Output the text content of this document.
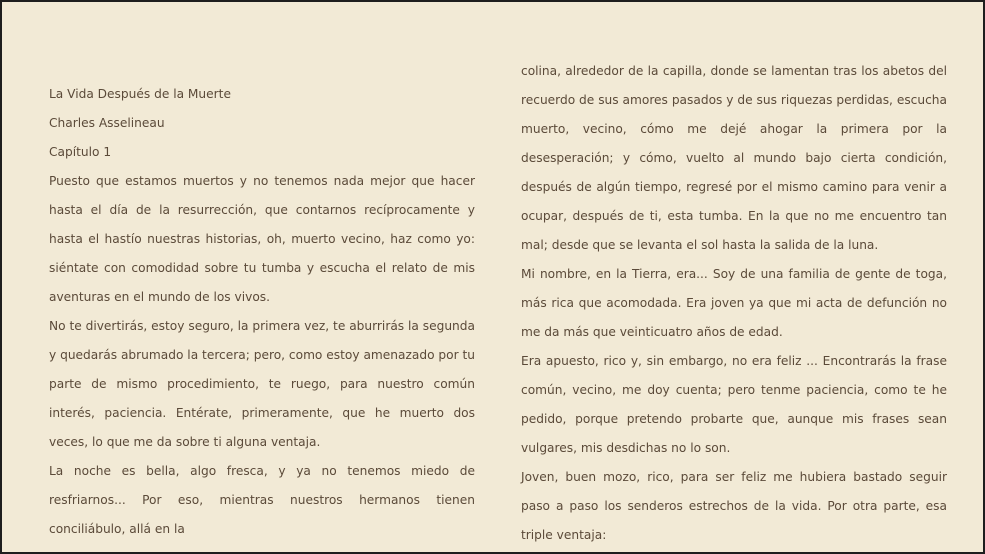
La Vida Después de la Muerte

Charles Asselineau

Capítulo 1

Puesto que estamos muertos y no tenemos nada mejor que hacer hasta el día de la resurrección, que contarnos recíprocamente y hasta el hastío nuestras historias, oh, muerto vecino, haz como yo: siéntate con comodidad sobre tu tumba y escucha el relato de mis aventuras en el mundo de los vivos.

No te divertirás, estoy seguro, la primera vez, te aburrirás la segunda y quedarás abrumado la tercera; pero, como estoy amenazado por tu parte de mismo procedimiento, te ruego, para nuestro común interés, paciencia. Entérate, primeramente, que he muerto dos veces, lo que me da sobre ti alguna ventaja.

La noche es bella, algo fresca, y ya no tenemos miedo de resfriarnos... Por eso, mientras nuestros hermanos tienen conciliábulo, allá en la

colina, alrededor de la capilla, donde se lamentan tras los abetos del recuerdo de sus amores pasados y de sus riquezas perdidas, escucha muerto, vecino, cómo me dejé ahogar la primera por la desesperación; y cómo, vuelto al mundo bajo cierta condición, después de algún tiempo, regresé por el mismo camino para venir a ocupar, después de ti, esta tumba. En la que no me encuentro tan mal; desde que se levanta el sol hasta la salida de la luna.

Mi nombre, en la Tierra, era... Soy de una familia de gente de toga, más rica que acomodada. Era joven ya que mi acta de defunción no me da más que veinticuatro años de edad.

Era apuesto, rico y, sin embargo, no era feliz ... Encontrarás la frase común, vecino, me doy cuenta; pero tenme paciencia, como te he pedido, porque pretendo probarte que, aunque mis frases sean vulgares, mis desdichas no lo son.

Joven, buen mozo, rico, para ser feliz me hubiera bastado seguir paso a paso los senderos estrechos de la vida. Por otra parte, esa triple ventaja:
